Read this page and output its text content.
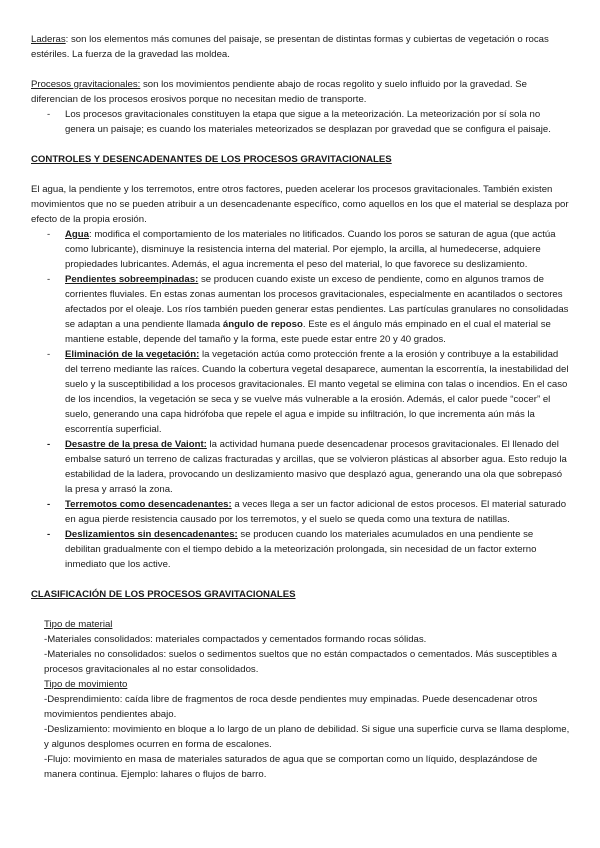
Laderas: son los elementos más comunes del paisaje, se presentan de distintas formas y cubiertas de vegetación o rocas estériles. La fuerza de la gravedad las moldea.

Procesos gravitacionales: son los movimientos pendiente abajo de rocas regolito y suelo influido por la gravedad. Se diferencian de los procesos erosivos porque no necesitan medio de transporte.

- Los procesos gravitacionales constituyen la etapa que sigue a la meteorización. La meteorización por sí sola no genera un paisaje; es cuando los materiales meteorizados se desplazan por gravedad que se configura el paisaje.

CONTROLES Y DESENCADENANTES DE LOS PROCESOS GRAVITACIONALES

El agua, la pendiente y los terremotos, entre otros factores, pueden acelerar los procesos gravitacionales. También existen movimientos que no se pueden atribuir a un desencadenante específico, como aquellos en los que el material se desplaza por efecto de la propia erosión.

- Agua: modifica el comportamiento de los materiales no litificados. Cuando los poros se saturan de agua (que actúa como lubricante), disminuye la resistencia interna del material. Por ejemplo, la arcilla, al humedecerse, adquiere propiedades lubricantes. Además, el agua incrementa el peso del material, lo que favorece su deslizamiento.
- Pendientes sobreempinadas: se producen cuando existe un exceso de pendiente, como en algunos tramos de corrientes fluviales. En estas zonas aumentan los procesos gravitacionales, especialmente en acantilados o sectores afectados por el oleaje. Los ríos también pueden generar estas pendientes. Las partículas granulares no consolidadas se adaptan a una pendiente llamada ángulo de reposo. Este es el ángulo más empinado en el cual el material se mantiene estable, depende del tamaño y la forma, este puede estar entre 20 y 40 grados.
- Eliminación de la vegetación: la vegetación actúa como protección frente a la erosión y contribuye a la estabilidad del terreno mediante las raíces. Cuando la cobertura vegetal desaparece, aumentan la escorrentía, la inestabilidad del suelo y la susceptibilidad a los procesos gravitacionales. El manto vegetal se elimina con talas o incendios. En el caso de los incendios, la vegetación se seca y se vuelve más vulnerable a la erosión. Además, el calor puede “cocer” el suelo, generando una capa hidrófoba que repele el agua e impide su infiltración, lo que incrementa aún más la escorrentía superficial.
- Desastre de la presa de Vaiont: la actividad humana puede desencadenar procesos gravitacionales. El llenado del embalse saturó un terreno de calizas fracturadas y arcillas, que se volvieron plásticas al absorber agua. Esto redujo la estabilidad de la ladera, provocando un deslizamiento masivo que desplazó agua, generando una ola que sobrepasó la presa y arrasó la zona.
- Terremotos como desencadenantes: a veces llega a ser un factor adicional de estos procesos. El material saturado en agua pierde resistencia causado por los terremotos, y el suelo se queda como una textura de natillas.
- Deslizamientos sin desencadenantes: se producen cuando los materiales acumulados en una pendiente se debilitan gradualmente con el tiempo debido a la meteorización prolongada, sin necesidad de un factor externo inmediato que los active.

CLASIFICACIÓN DE LOS PROCESOS GRAVITACIONALES

Tipo de material

-Materiales consolidados: materiales compactados y cementados formando rocas sólidas.

-Materiales no consolidados: suelos o sedimentos sueltos que no están compactados o cementados. Más susceptibles a procesos gravitacionales al no estar consolidados.

Tipo de movimiento

-Desprendimiento: caída libre de fragmentos de roca desde pendientes muy empinadas. Puede desencadenar otros movimientos pendientes abajo.

-Deslizamiento: movimiento en bloque a lo largo de un plano de debilidad. Si sigue una superficie curva se llama desplome, y algunos desplomes ocurren en forma de escalones.

-Flujo: movimiento en masa de materiales saturados de agua que se comportan como un líquido, desplazándose de manera continua. Ejemplo: lahares o flujos de barro.
